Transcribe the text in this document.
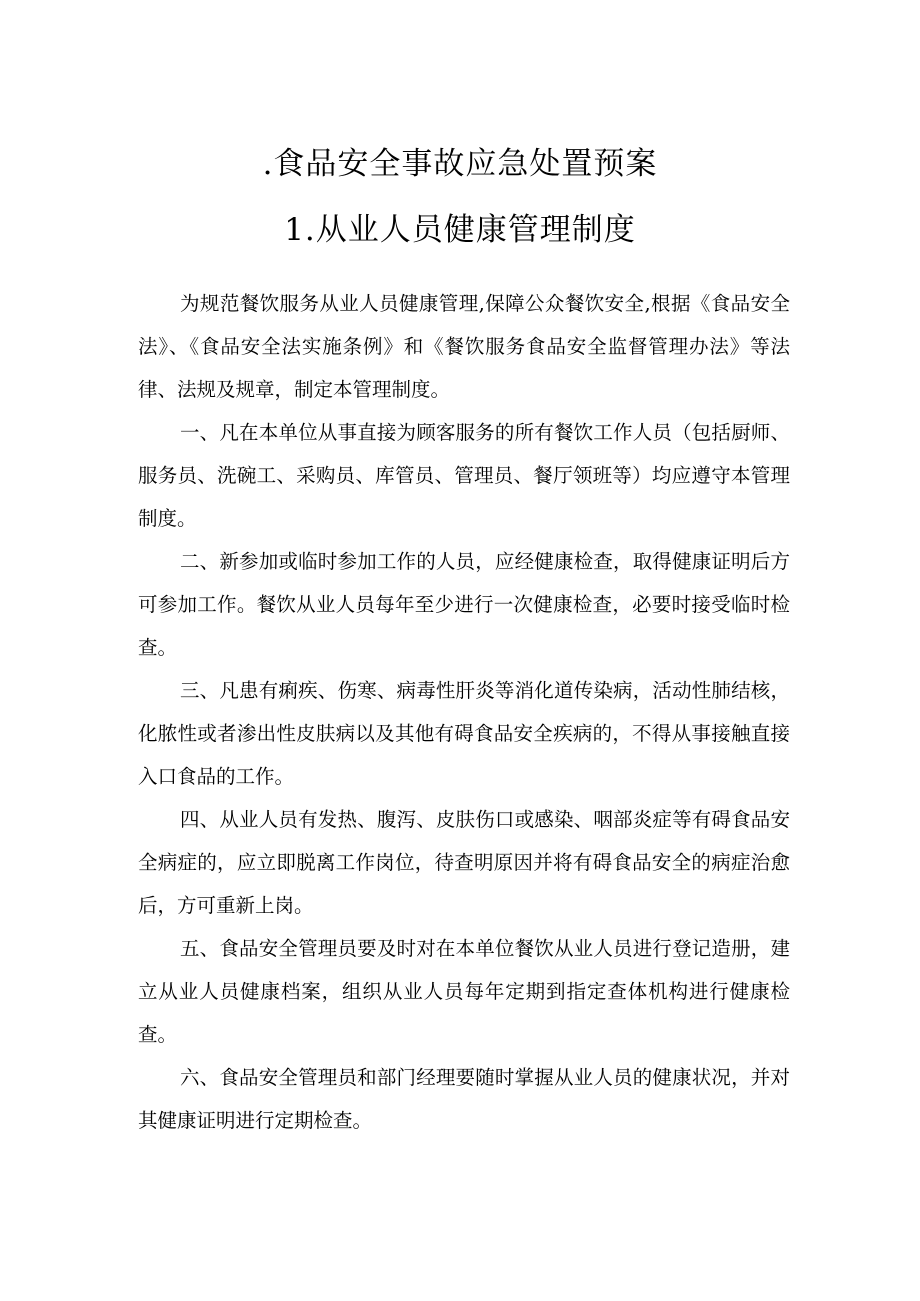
.食品安全事故应急处置预案
1.从业人员健康管理制度

为规范餐饮服务从业人员健康管理,保障公众餐饮安全,根据《食品安全法》、《食品安全法实施条例》和《餐饮服务食品安全监督管理办法》等法律、法规及规章，制定本管理制度。

一、凡在本单位从事直接为顾客服务的所有餐饮工作人员（包括厨师、服务员、洗碗工、采购员、库管员、管理员、餐厅领班等）均应遵守本管理制度。

二、新参加或临时参加工作的人员，应经健康检查，取得健康证明后方可参加工作。餐饮从业人员每年至少进行一次健康检查，必要时接受临时检查。

三、凡患有痢疾、伤寒、病毒性肝炎等消化道传染病，活动性肺结核，化脓性或者渗出性皮肤病以及其他有碍食品安全疾病的，不得从事接触直接入口食品的工作。

四、从业人员有发热、腹泻、皮肤伤口或感染、咽部炎症等有碍食品安全病症的，应立即脱离工作岗位，待查明原因并将有碍食品安全的病症治愈后，方可重新上岗。

五、食品安全管理员要及时对在本单位餐饮从业人员进行登记造册，建立从业人员健康档案，组织从业人员每年定期到指定查体机构进行健康检查。

六、食品安全管理员和部门经理要随时掌握从业人员的健康状况，并对其健康证明进行定期检查。
